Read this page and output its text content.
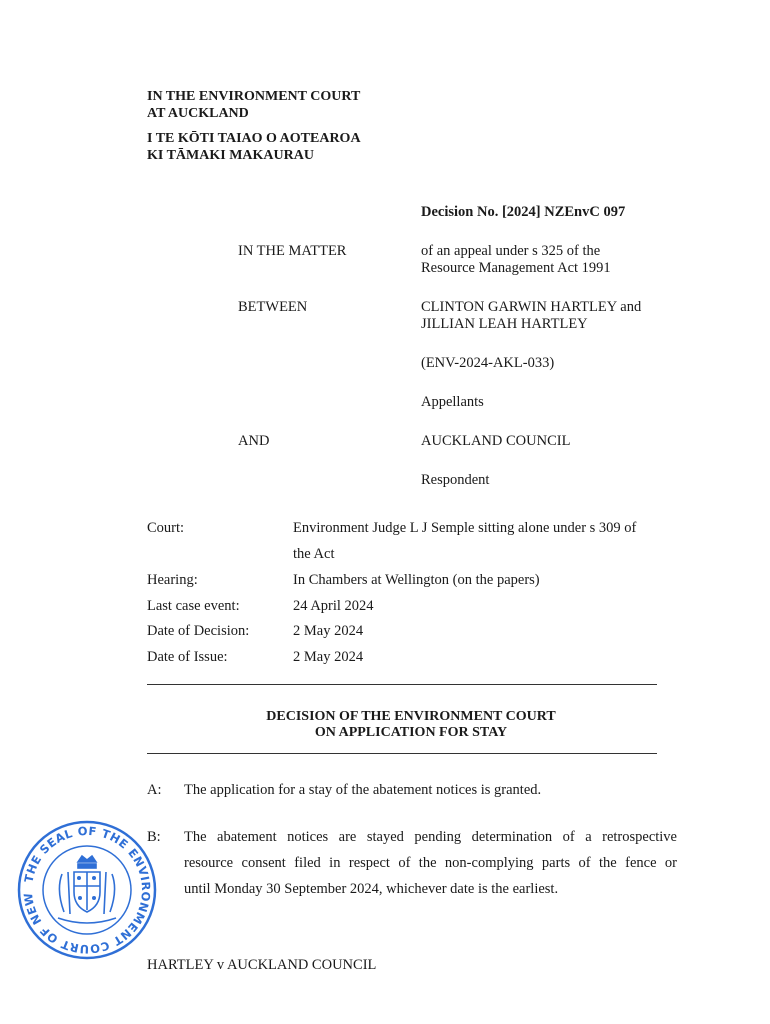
IN THE ENVIRONMENT COURT
AT AUCKLAND
I TE KŌTI TAIAO O AOTEAROA
KI TĀMAKI MAKAURAU
Decision No. [2024] NZEnvC 097
IN THE MATTER	of an appeal under s 325 of the
Resource Management Act 1991
BETWEEN	CLINTON GARWIN HARTLEY and
JILLIAN LEAH HARTLEY
(ENV-2024-AKL-033)
Appellants
AND	AUCKLAND COUNCIL
Respondent
Court:	Environment Judge L J Semple sitting alone under s 309 of
the Act
Hearing:	In Chambers at Wellington (on the papers)
Last case event:	24 April 2024
Date of Decision:	2 May 2024
Date of Issue:	2 May 2024
DECISION OF THE ENVIRONMENT COURT
ON APPLICATION FOR STAY
A: The application for a stay of the abatement notices is granted.
B: The abatement notices are stayed pending determination of a retrospective
resource consent filed in respect of the non-complying parts of the fence or
until Monday 30 September 2024, whichever date is the earliest.
THE SEAL OF THE ENVIRONMENT COURT OF NEW
HARTLEY v AUCKLAND COUNCIL
